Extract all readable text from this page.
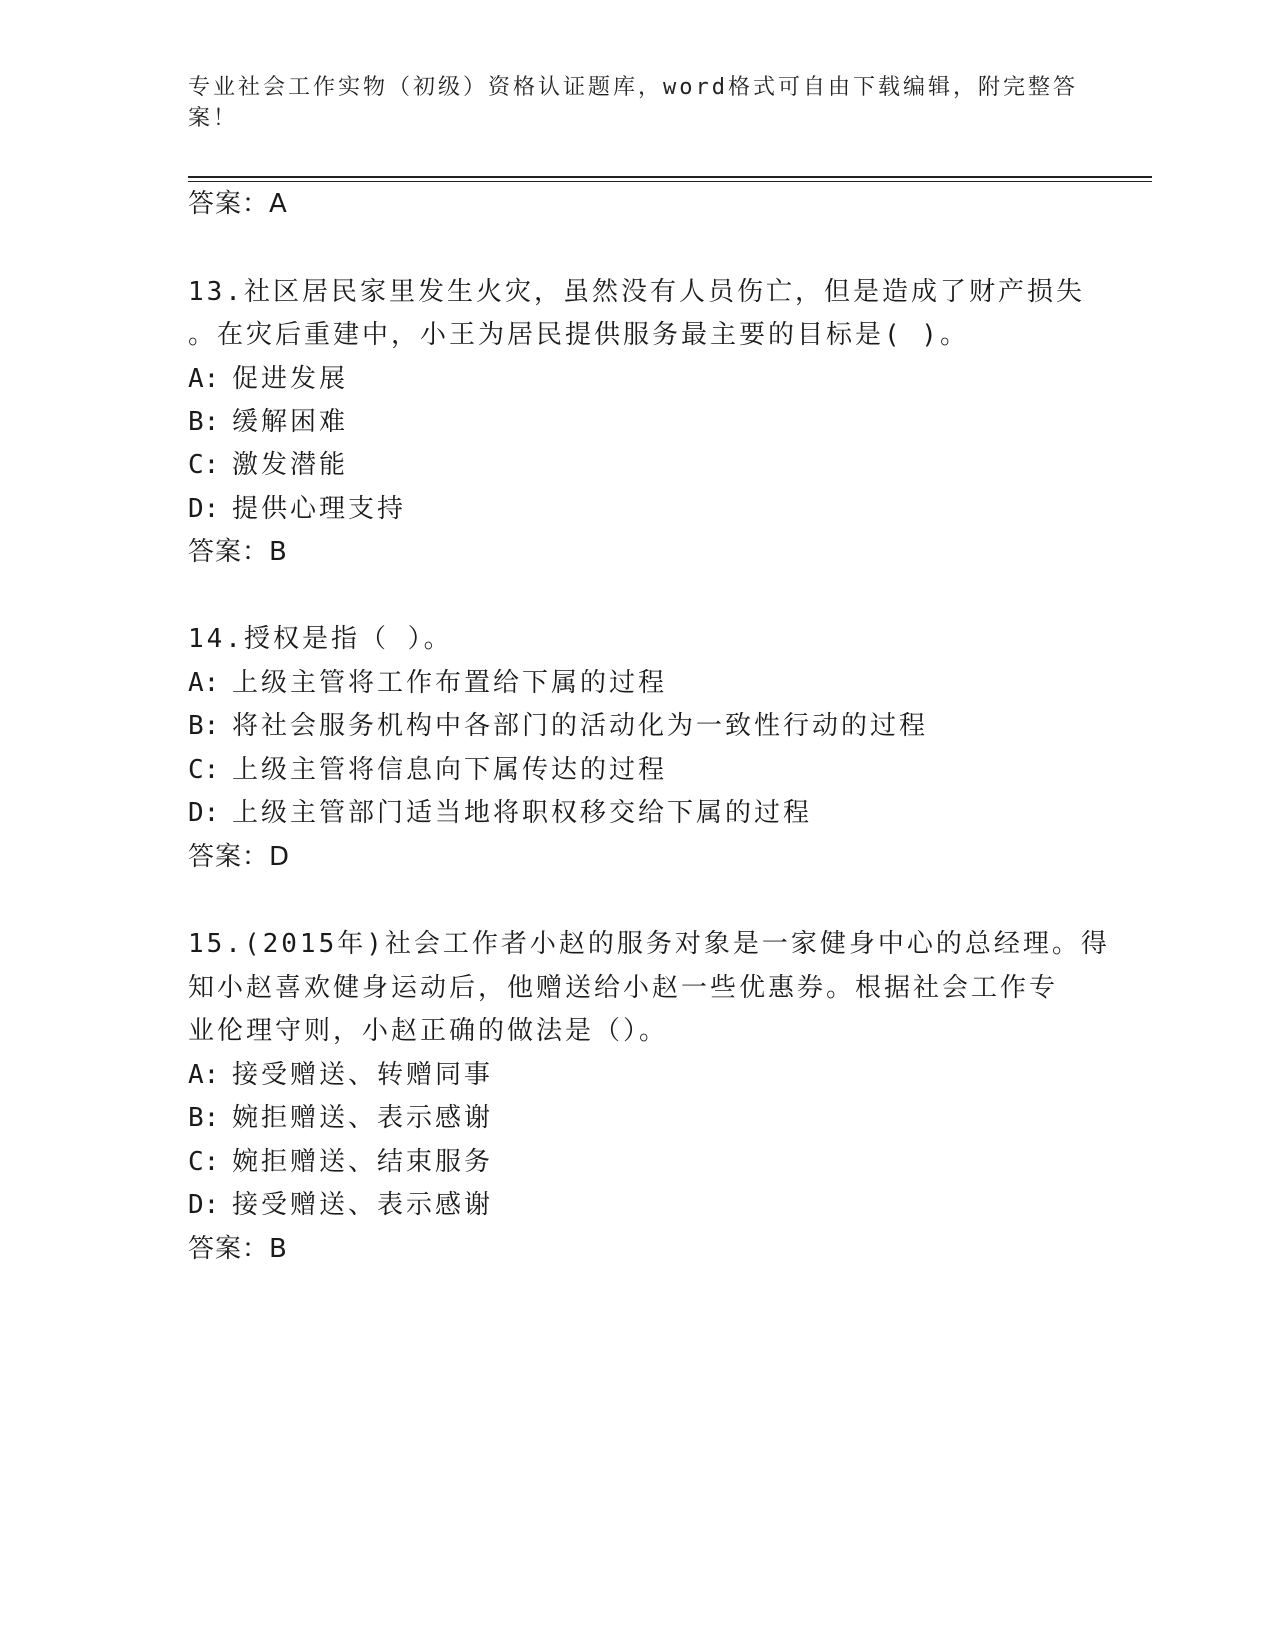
专业社会工作实物（初级）资格认证题库，word格式可自由下载编辑，附完整答
案！
答案：A
13.社区居民家里发生火灾，虽然没有人员伤亡，但是造成了财产损失
。在灾后重建中，小王为居民提供服务最主要的目标是( )。
A: 促进发展
B: 缓解困难
C: 激发潜能
D: 提供心理支持
答案：B
14.授权是指（ ）。
A: 上级主管将工作布置给下属的过程
B: 将社会服务机构中各部门的活动化为一致性行动的过程
C: 上级主管将信息向下属传达的过程
D: 上级主管部门适当地将职权移交给下属的过程
答案：D
15.(2015年)社会工作者小赵的服务对象是一家健身中心的总经理。得
知小赵喜欢健身运动后，他赠送给小赵一些优惠券。根据社会工作专
业伦理守则，小赵正确的做法是（）。
A: 接受赠送、转赠同事
B: 婉拒赠送、表示感谢
C: 婉拒赠送、结束服务
D: 接受赠送、表示感谢
答案：B
